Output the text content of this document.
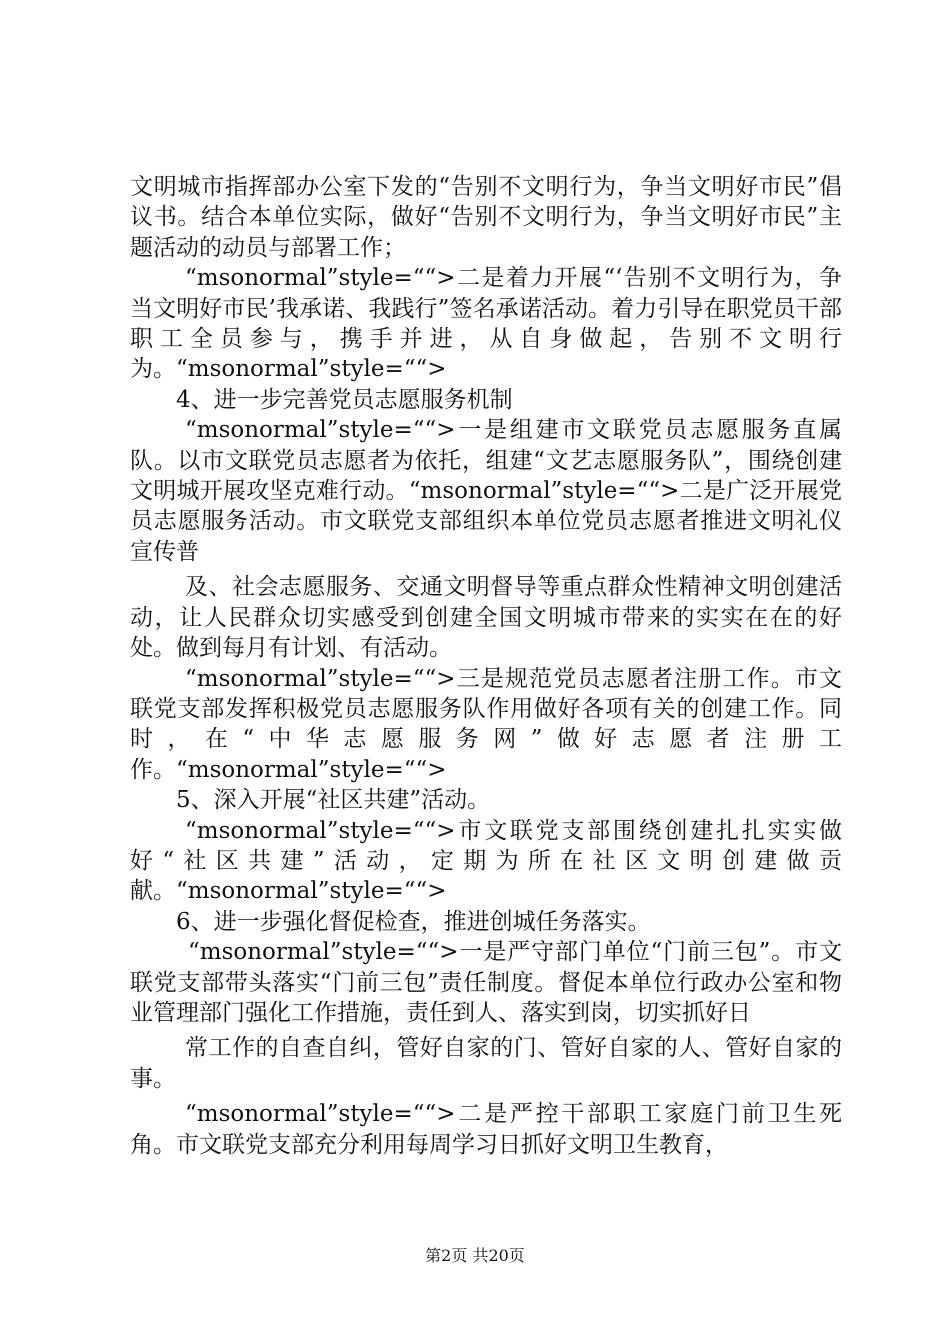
文明城市指挥部办公室下发的“告别不文明行为，争当文明好市民”倡议书。结合本单位实际，做好“告别不文明行为，争当文明好市民”主题活动的动员与部署工作；

“msonormal”style=““>二是着力开展“‘告别不文明行为，争当文明好市民’我承诺、我践行”签名承诺活动。着力引导在职党员干部职工全员参与，携手并进，从自身做起，告别不文明行为。“msonormal”style=““>

4、进一步完善党员志愿服务机制

“msonormal”style=““>一是组建市文联党员志愿服务直属队。以市文联党员志愿者为依托，组建“文艺志愿服务队”，围绕创建文明城开展攻坚克难行动。“msonormal”style=““>二是广泛开展党员志愿服务活动。市文联党支部组织本单位党员志愿者推进文明礼仪宣传普

及、社会志愿服务、交通文明督导等重点群众性精神文明创建活动，让人民群众切实感受到创建全国文明城市带来的实实在在的好处。做到每月有计划、有活动。

“msonormal”style=““>三是规范党员志愿者注册工作。市文联党支部发挥积极党员志愿服务队作用做好各项有关的创建工作。同时，在“中华志愿服务网”做好志愿者注册工作。“msonormal”style=““>

5、深入开展“社区共建”活动。

“msonormal”style=““>市文联党支部围绕创建扎扎实实做好“社区共建”活动，定期为所在社区文明创建做贡献。“msonormal”style=““>

6、进一步强化督促检查，推进创城任务落实。

“msonormal”style=““>一是严守部门单位“门前三包”。市文联党支部带头落实“门前三包”责任制度。督促本单位行政办公室和物业管理部门强化工作措施，责任到人、落实到岗，切实抓好日

常工作的自查自纠，管好自家的门、管好自家的人、管好自家的事。

“msonormal”style=““>二是严控干部职工家庭门前卫生死角。市文联党支部充分利用每周学习日抓好文明卫生教育，

第2页 共20页
